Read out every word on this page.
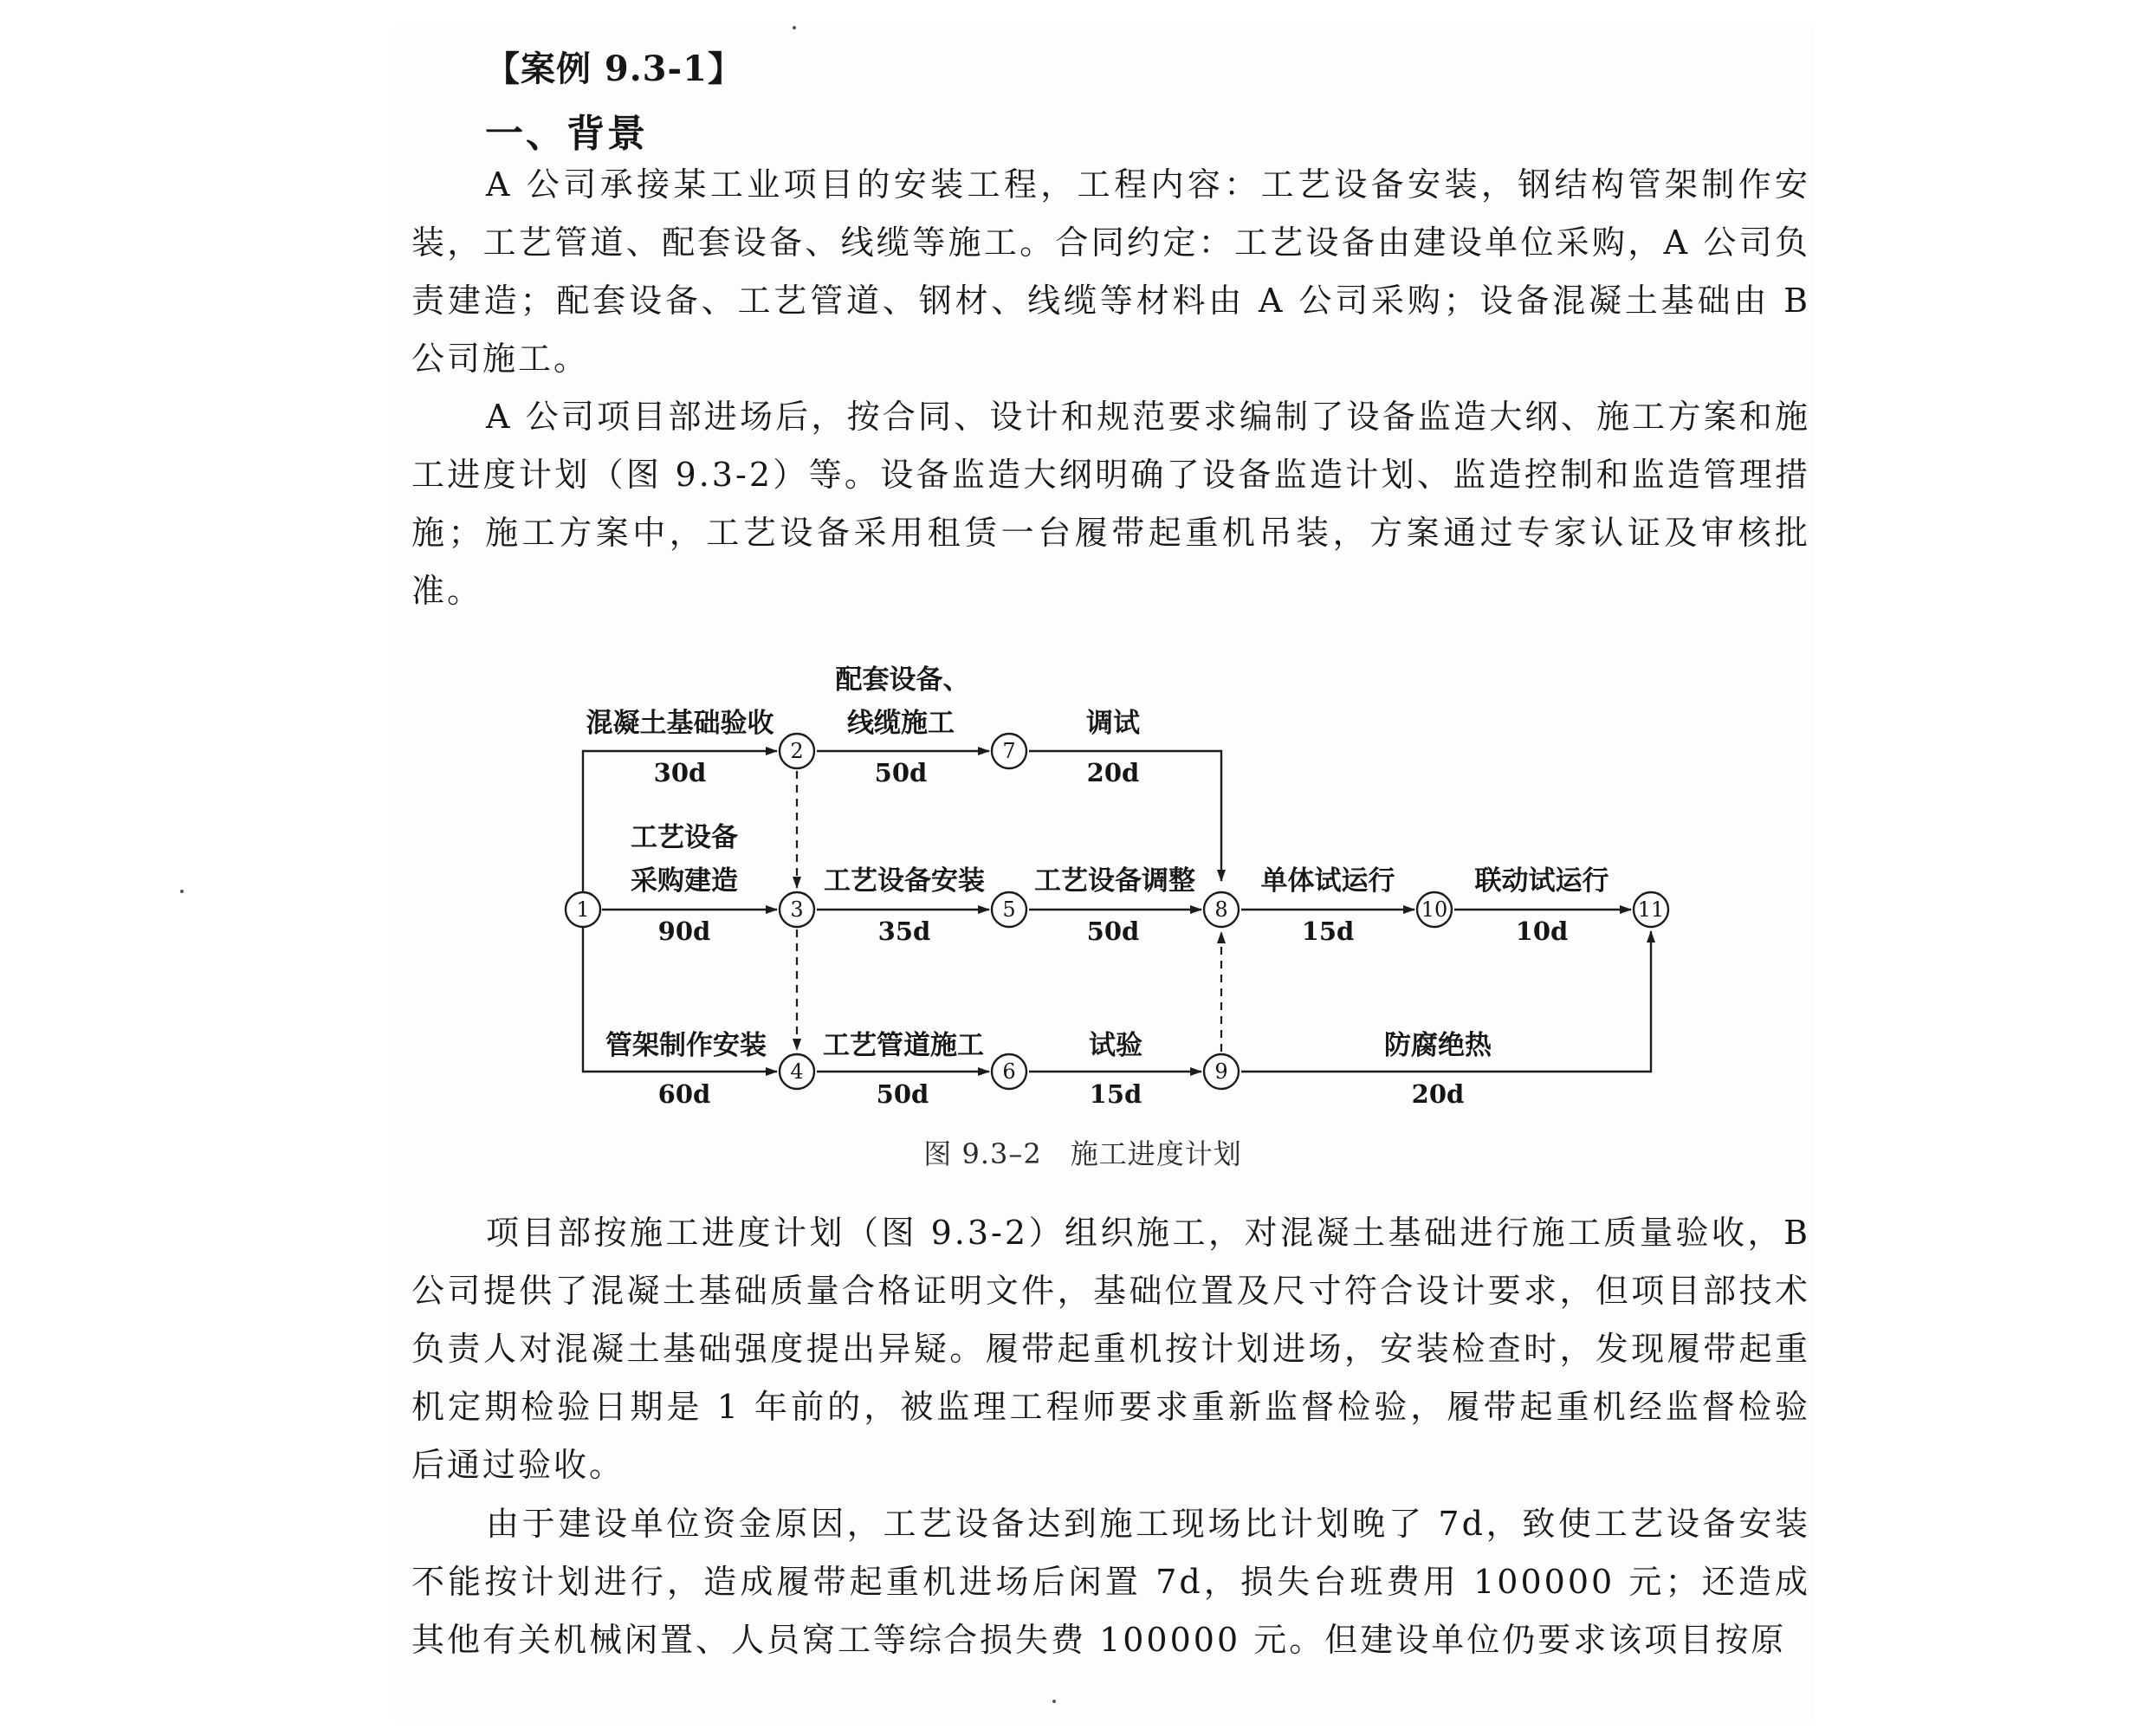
【案例 9.3-1】
一、背景

A 公司承接某工业项目的安装工程，工程内容：工艺设备安装，钢结构管架制作安装，工艺管道、配套设备、线缆等施工。合同约定：工艺设备由建设单位采购，A 公司负责建造；配套设备、工艺管道、钢材、线缆等材料由 A 公司采购；设备混凝土基础由 B 公司施工。

A 公司项目部进场后，按合同、设计和规范要求编制了设备监造大纲、施工方案和施工进度计划（图 9.3-2）等。设备监造大纲明确了设备监造计划、监造控制和监造管理措施；施工方案中，工艺设备采用租赁一台履带起重机吊装，方案通过专家认证及审核批准。

1
2
3
4
5
6
7
8
9
10	11
混凝土基础验收
30d
配套设备、
线缆施工
50d
调试
20d
工艺设备
采购建造
90d
工艺设备安装
35d
工艺设备调整
50d
单体试运行
15d
联动试运行
10d
管架制作安装
60d
工艺管道施工
50d
试验
15d
防腐绝热
20d
图 9.3–2　施工进度计划

项目部按施工进度计划（图 9.3-2）组织施工，对混凝土基础进行施工质量验收，B 公司提供了混凝土基础质量合格证明文件，基础位置及尺寸符合设计要求，但项目部技术负责人对混凝土基础强度提出异疑。履带起重机按计划进场，安装检查时，发现履带起重机定期检验日期是 1 年前的，被监理工程师要求重新监督检验，履带起重机经监督检验后通过验收。

由于建设单位资金原因，工艺设备达到施工现场比计划晚了 7d，致使工艺设备安装不能按计划进行，造成履带起重机进场后闲置 7d，损失台班费用 100000 元；还造成其他有关机械闲置、人员窝工等综合损失费 100000 元。但建设单位仍要求该项目按原
